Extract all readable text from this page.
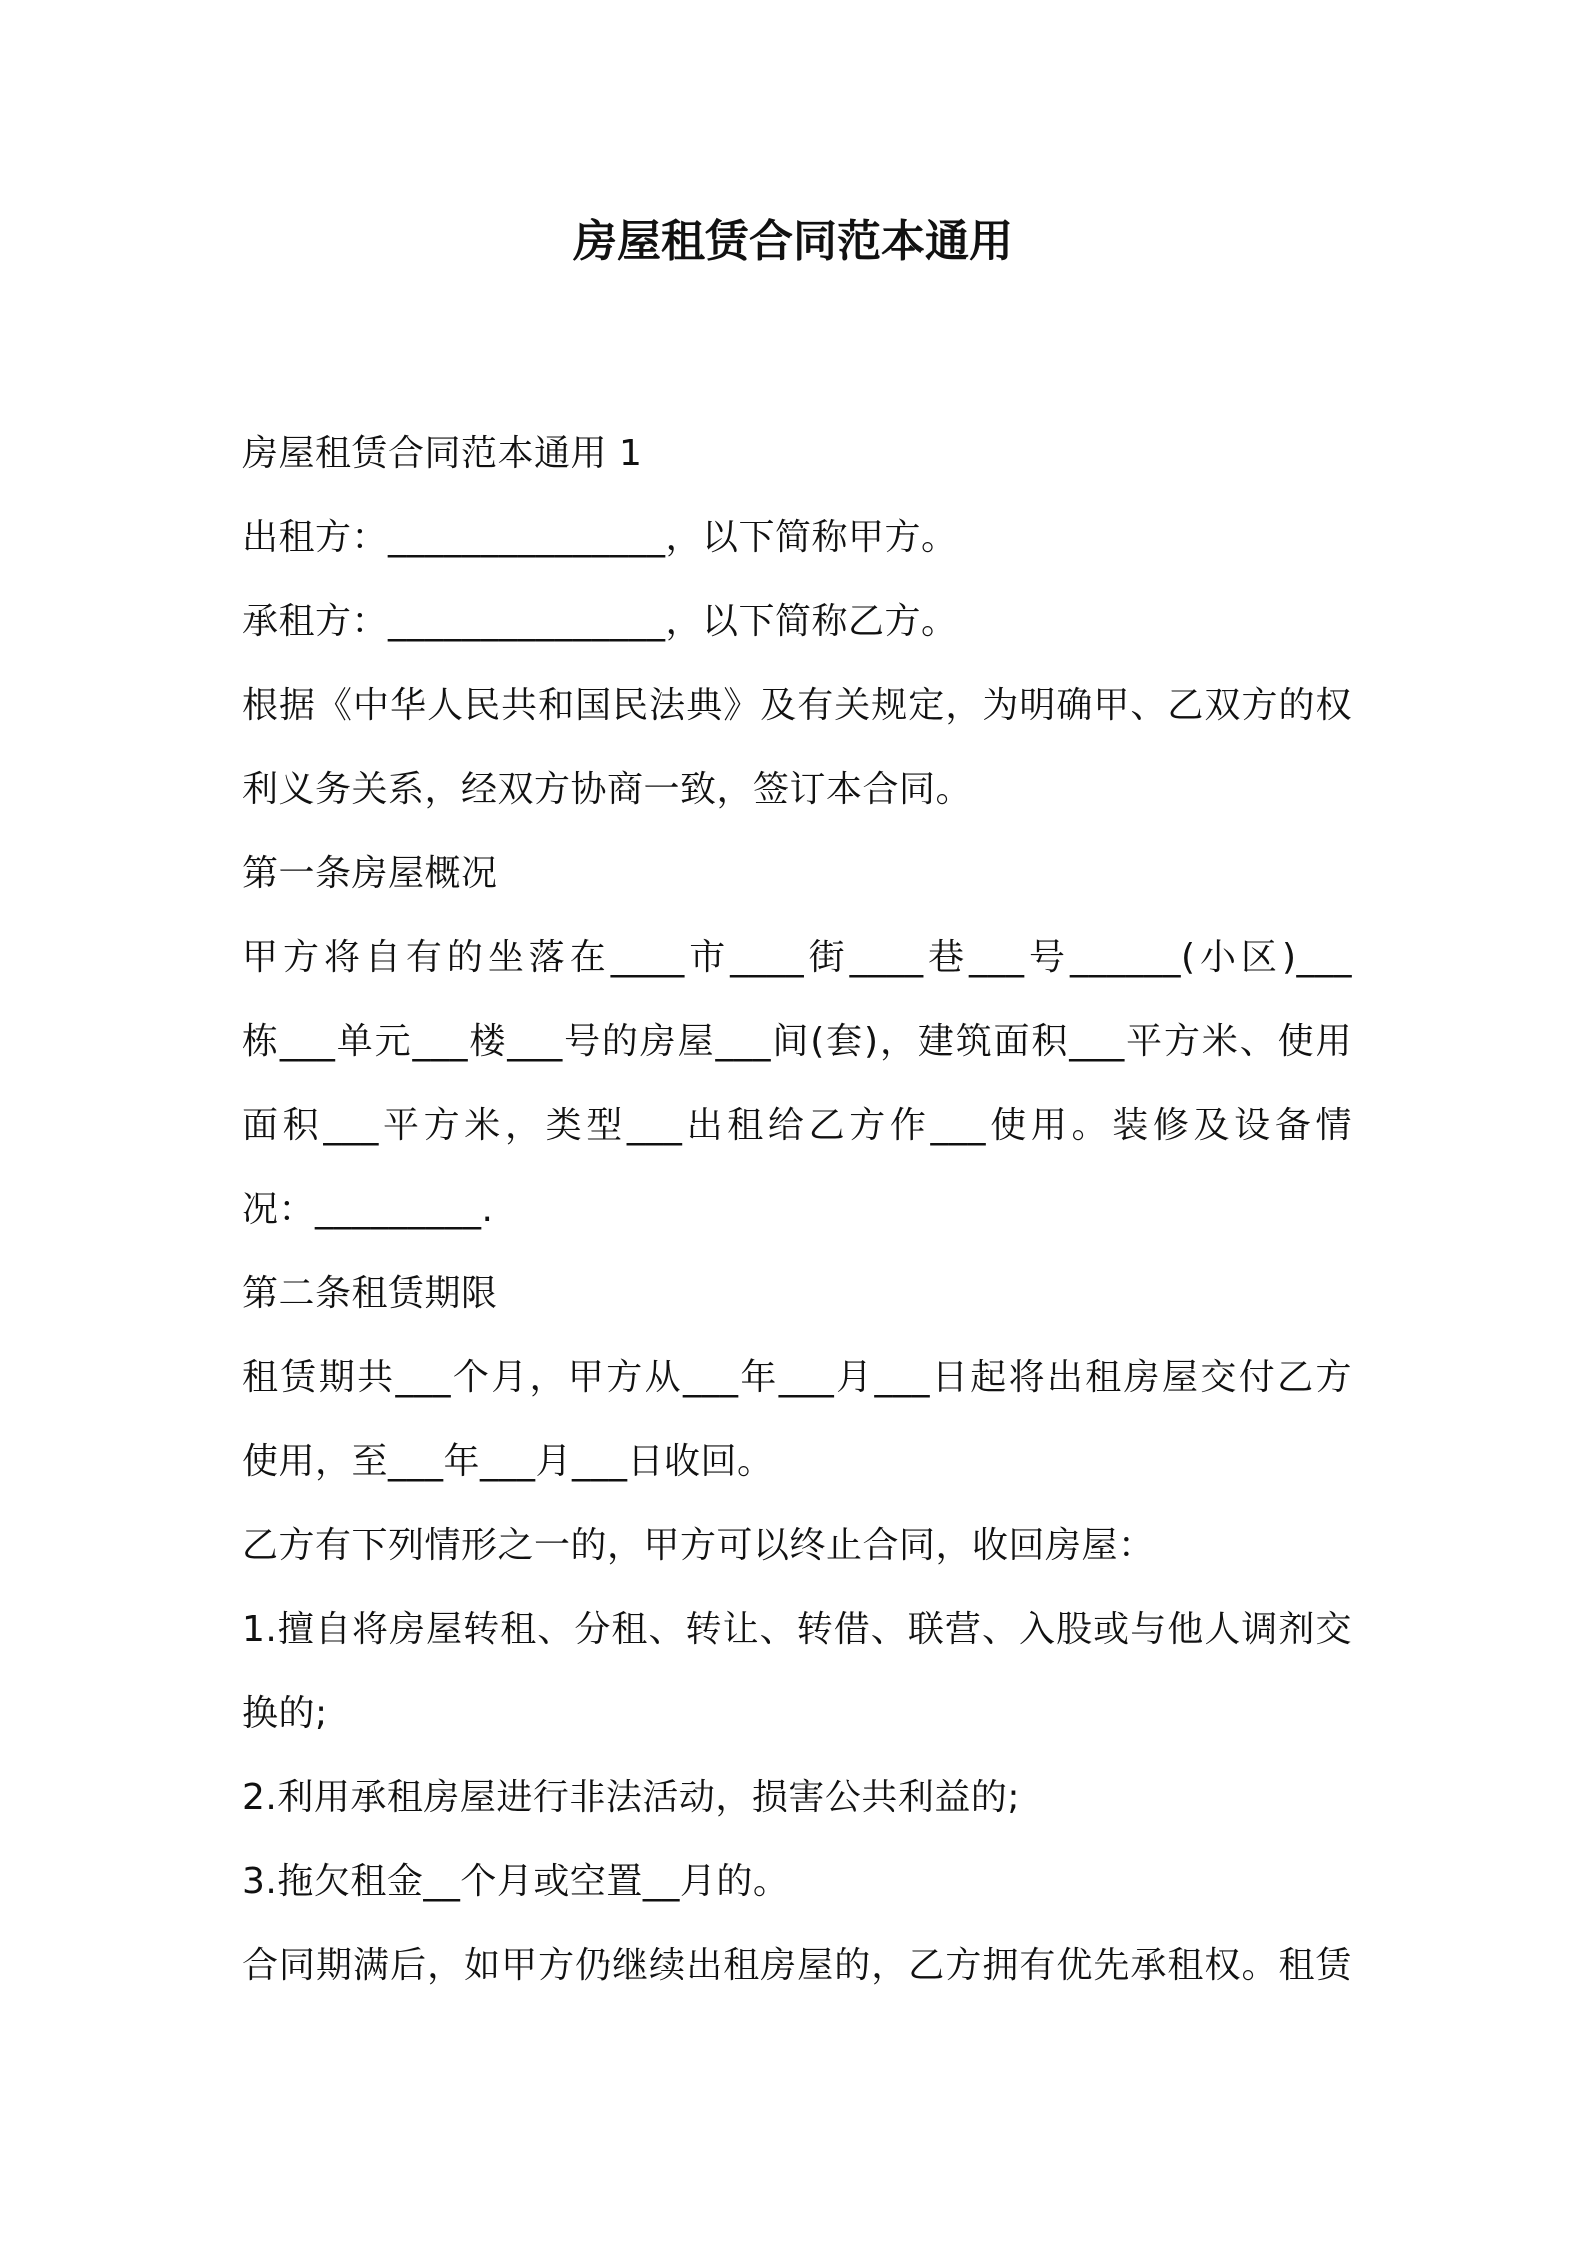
房屋租赁合同范本通用

房屋租赁合同范本通用 1

出租方：_______________，以下简称甲方。

承租方：_______________，以下简称乙方。

根据《中华人民共和国民法典》及有关规定，为明确甲、乙双方的权

利义务关系，经双方协商一致，签订本合同。

第一条房屋概况

甲方将自有的坐落在____市____街____巷___号______(小区)___

栋___单元___楼___号的房屋___间(套)，建筑面积___平方米、使用

面积___平方米，类型___出租给乙方作___使用。装修及设备情

况：_________.

第二条租赁期限

租赁期共___个月，甲方从___年___月___日起将出租房屋交付乙方

使用，至___年___月___日收回。

乙方有下列情形之一的，甲方可以终止合同，收回房屋：

1.擅自将房屋转租、分租、转让、转借、联营、入股或与他人调剂交

换的;

2.利用承租房屋进行非法活动，损害公共利益的;

3.拖欠租金__个月或空置__月的。

合同期满后，如甲方仍继续出租房屋的，乙方拥有优先承租权。租赁
